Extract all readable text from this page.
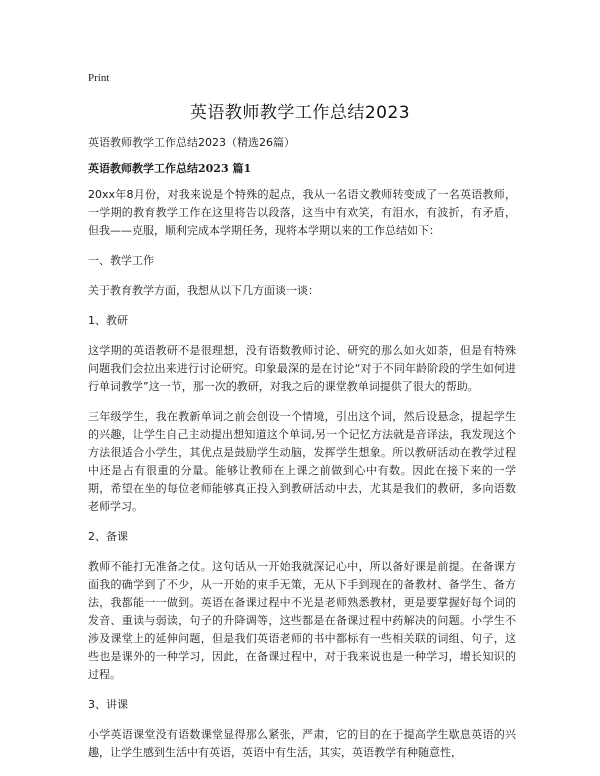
Print
英语教师教学工作总结2023

英语教师教学工作总结2023（精选26篇）

英语教师教学工作总结2023 篇1

20xx年8月份，对我来说是个特殊的起点，我从一名语文教师转变成了一名英语教师，一学期的教育教学工作在这里将告以段落，这当中有欢笑，有泪水，有波折，有矛盾，但我——克服，顺利完成本学期任务，现将本学期以来的工作总结如下：

一、教学工作

关于教育教学方面，我想从以下几方面谈一谈：

1、教研

这学期的英语教研不是很理想，没有语数教师讨论、研究的那么如火如荼，但是有特殊问题我们会拉出来进行讨论研究。印象最深的是在讨论“对于不同年龄阶段的学生如何进行单词教学”这一节，那一次的教研，对我之后的课堂教单词提供了很大的帮助。

三年级学生，我在教新单词之前会创设一个情境，引出这个词，然后设悬念，提起学生的兴趣，让学生自己主动提出想知道这个单词,另一个记忆方法就是音译法，我发现这个方法很适合小学生，其优点是鼓励学生动脑，发挥学生想象。所以教研活动在教学过程中还是占有很重的分量。能够让教师在上课之前做到心中有数。因此在接下来的一学期，希望在坐的每位老师能够真正投入到教研活动中去，尤其是我们的教研，多向语数老师学习。

2、备课

教师不能打无准备之仗。这句话从一开始我就深记心中，所以备好课是前提。在备课方面我的确学到了不少，从一开始的束手无策，无从下手到现在的备教材、备学生、备方法，我都能一一做到。英语在备课过程中不光是老师熟悉教材，更是要掌握好每个词的发音、重读与弱读，句子的升降调等，这些都是在备课过程中药解决的问题。小学生不涉及课堂上的延伸问题，但是我们英语老师的书中都标有一些相关联的词组、句子，这些也是课外的一种学习，因此，在备课过程中，对于我来说也是一种学习，增长知识的过程。

3、讲课

小学英语课堂没有语数课堂显得那么紧张，严肃，它的目的在于提高学生歇息英语的兴趣，让学生感到生活中有英语，英语中有生活，其实，英语教学有种随意性，
